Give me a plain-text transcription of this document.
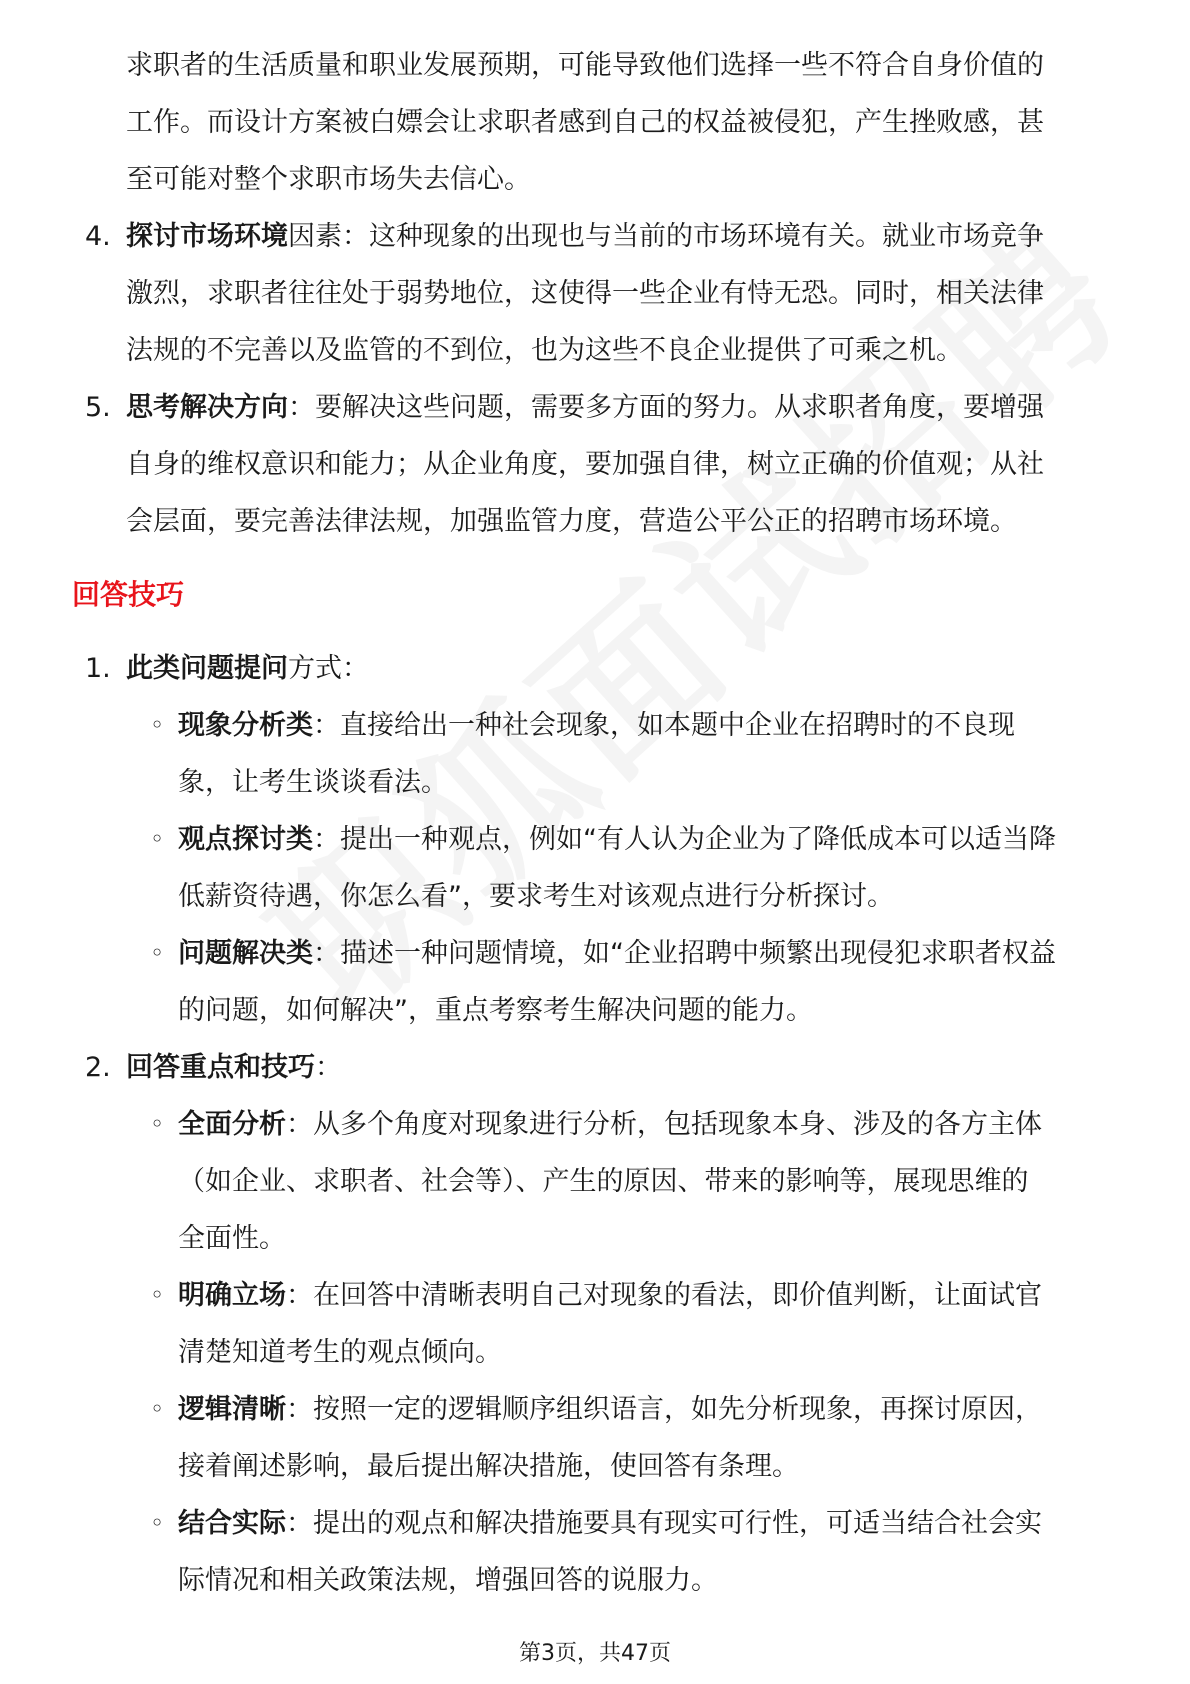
求职者的生活质量和职业发展预期，可能导致他们选择一些不符合自身价值的
工作。而设计方案被白嫖会让求职者感到自己的权益被侵犯，产生挫败感，甚
至可能对整个求职市场失去信心。
4. 探讨市场环境因素：这种现象的出现也与当前的市场环境有关。就业市场竞争
激烈，求职者往往处于弱势地位，这使得一些企业有恃无恐。同时，相关法律
法规的不完善以及监管的不到位，也为这些不良企业提供了可乘之机。
5. 思考解决方向：要解决这些问题，需要多方面的努力。从求职者角度，要增强
自身的维权意识和能力；从企业角度，要加强自律，树立正确的价值观；从社
会层面，要完善法律法规，加强监管力度，营造公平公正的招聘市场环境。
回答技巧
1. 此类问题提问方式：
◦ 现象分析类：直接给出一种社会现象，如本题中企业在招聘时的不良现
象，让考生谈谈看法。
◦ 观点探讨类：提出一种观点，例如“有人认为企业为了降低成本可以适当降
低薪资待遇，你怎么看”，要求考生对该观点进行分析探讨。
◦ 问题解决类：描述一种问题情境，如“企业招聘中频繁出现侵犯求职者权益
的问题，如何解决”，重点考察考生解决问题的能力。
2. 回答重点和技巧：
◦ 全面分析：从多个角度对现象进行分析，包括现象本身、涉及的各方主体
（如企业、求职者、社会等）、产生的原因、带来的影响等，展现思维的
全面性。
◦ 明确立场：在回答中清晰表明自己对现象的看法，即价值判断，让面试官
清楚知道考生的观点倾向。
◦ 逻辑清晰：按照一定的逻辑顺序组织语言，如先分析现象，再探讨原因，
接着阐述影响，最后提出解决措施，使回答有条理。
◦ 结合实际：提出的观点和解决措施要具有现实可行性，可适当结合社会实
际情况和相关政策法规，增强回答的说服力。
第3页，共47页
